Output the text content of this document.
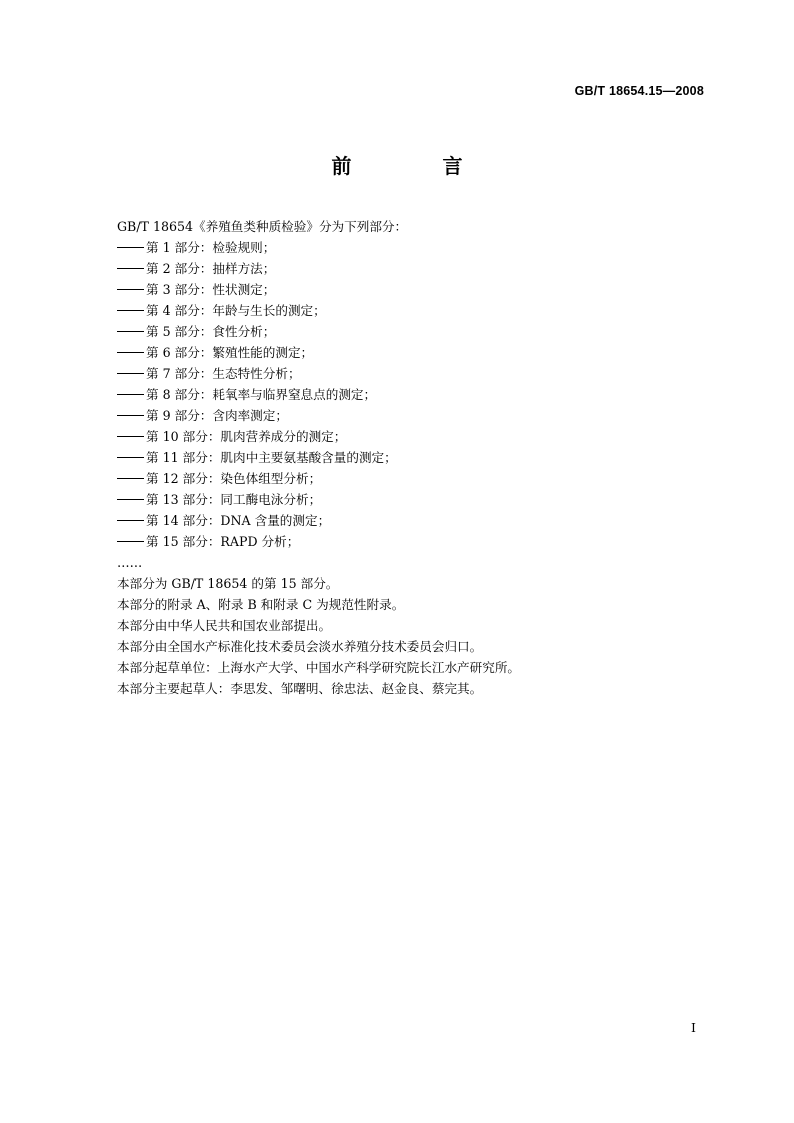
GB/T 18654.15—2008
前 言
GB/T 18654《养殖鱼类种质检验》分为下列部分：
第 1 部分：检验规则；
第 2 部分：抽样方法；
第 3 部分：性状测定；
第 4 部分：年龄与生长的测定；
第 5 部分：食性分析；
第 6 部分：繁殖性能的测定；
第 7 部分：生态特性分析；
第 8 部分：耗氧率与临界窒息点的测定；
第 9 部分：含肉率测定；
第 10 部分：肌肉营养成分的测定；
第 11 部分：肌肉中主要氨基酸含量的测定；
第 12 部分：染色体组型分析；
第 13 部分：同工酶电泳分析；
第 14 部分：DNA 含量的测定；
第 15 部分：RAPD 分析；
……
本部分为 GB/T 18654 的第 15 部分。
本部分的附录 A、附录 B 和附录 C 为规范性附录。
本部分由中华人民共和国农业部提出。
本部分由全国水产标准化技术委员会淡水养殖分技术委员会归口。
本部分起草单位：上海水产大学、中国水产科学研究院长江水产研究所。
本部分主要起草人：李思发、邹曙明、徐忠法、赵金良、蔡完其。
I
